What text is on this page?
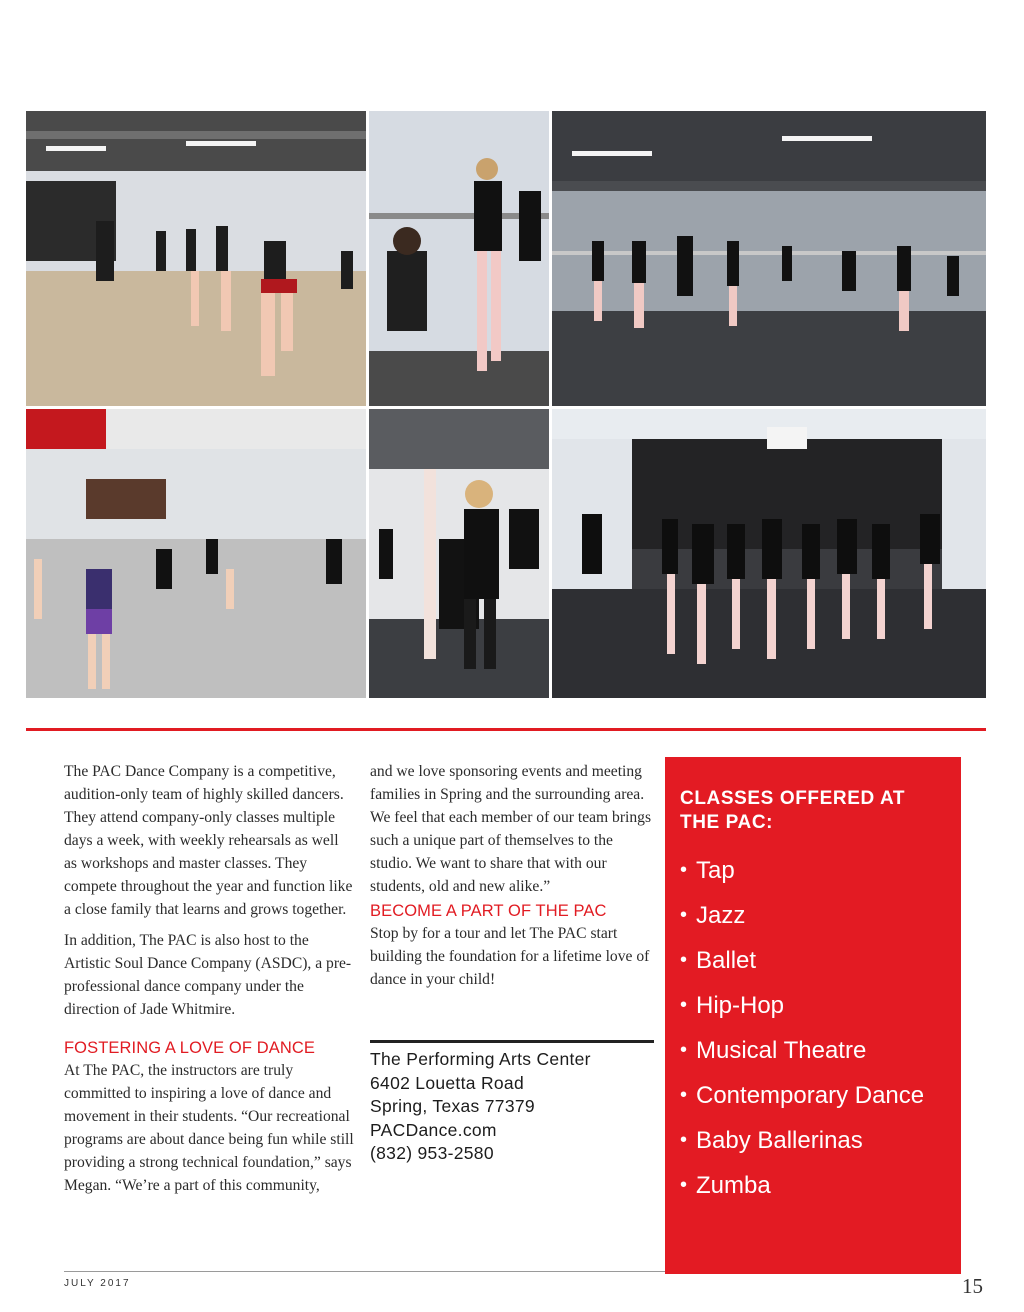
The PAC Dance Company is a competitive, audition-only team of highly skilled dancers. They attend company-only classes multiple days a week, with weekly rehearsals as well as workshops and master classes. They compete throughout the year and function like a close family that learns and grows together.

In addition, The PAC is also host to the Artistic Soul Dance Company (ASDC), a pre-professional dance company under the direction of Jade Whitmire.

FOSTERING A LOVE OF DANCE

At The PAC, the instructors are truly committed to inspiring a love of dance and movement in their students. “Our recreational programs are about dance being fun while still providing a strong technical foundation,” says Megan. “We’re a part of this community,

and we love sponsoring events and meeting families in Spring and the surrounding area. We feel that each member of our team brings such a unique part of themselves to the studio. We want to share that with our students, old and new alike.”

BECOME A PART OF THE PAC

Stop by for a tour and let The PAC start building the foundation for a lifetime love of dance in your child!

The Performing Arts Center
6402 Louetta Road
Spring, Texas 77379
PACDance.com
(832) 953-2580
CLASSES OFFERED AT THE PAC:
• Tap
• Jazz
• Ballet
• Hip-Hop
• Musical Theatre
• Contemporary Dance
• Baby Ballerinas
• Zumba
JULY 2017	15
